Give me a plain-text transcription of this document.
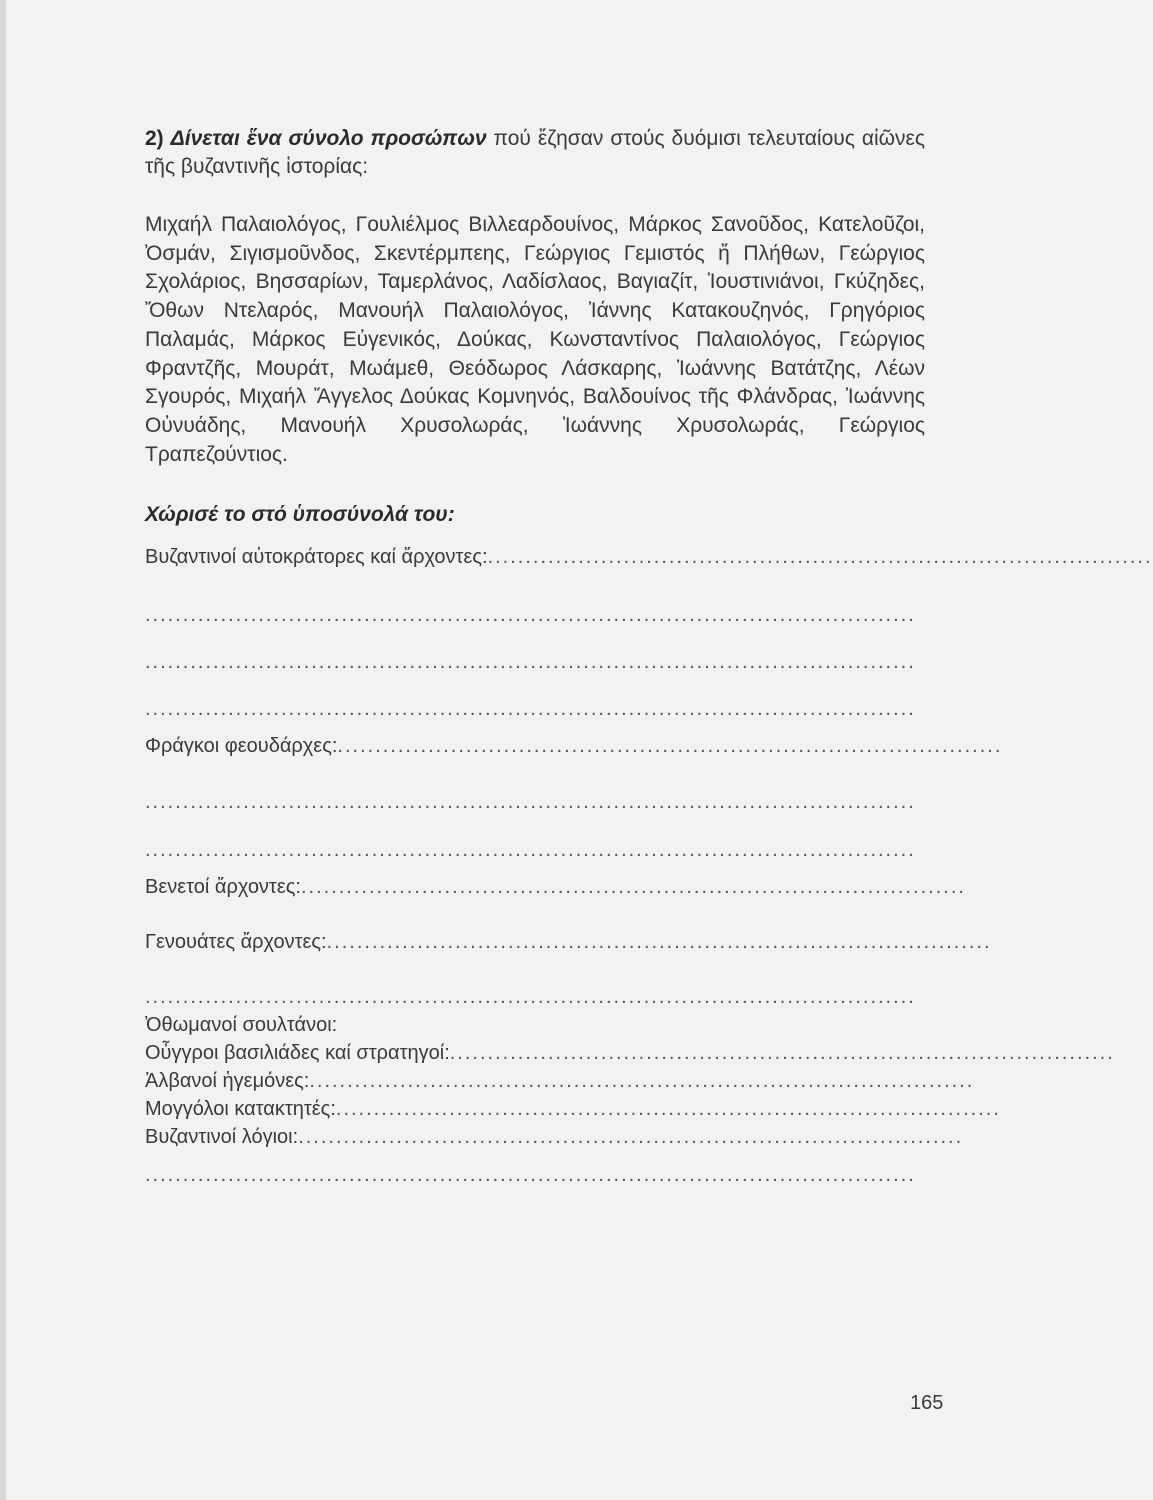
2) Δίνεται ἕνα σύνολο προσώπων πού ἔζησαν στούς δυόμισι τελευταίους αἰῶνες τῆς βυζαντινῆς ἱστορίας:

Μιχαήλ Παλαιολόγος, Γουλιέλμος Βιλλεαρδουίνος, Μάρκος Σανοῦδος, Κατελοῦζοι, Ὀσμάν, Σιγισμοῦνδος, Σκεντέρμπεης, Γεώργιος Γεμιστός ἤ Πλήθων, Γεώργιος Σχολάριος, Βησσαρίων, Ταμερλάνος, Λαδίσλαος, Βαγιαζίτ, Ἰουστινιάνοι, Γκύζηδες, Ὄθων Ντελαρός, Μανουήλ Παλαιολόγος, Ἰάννης Κατακουζηνός, Γρηγόριος Παλαμάς, Μάρκος Εὐγενικός, Δούκας, Κωνσταντίνος Παλαιολόγος, Γεώργιος Φραντζῆς, Μουράτ, Μωάμεθ, Θεόδωρος Λάσκαρης, Ἰωάννης Βατάτζης, Λέων Σγουρός, Μιχαήλ Ἄγγελος Δούκας Κομνηνός, Βαλδουίνος τῆς Φλάνδρας, Ἰωάννης Οὐνυάδης, Μανουήλ Χρυσολωράς, Ἰωάννης Χρυσολωράς, Γεώργιος Τραπεζούντιος.

Χώρισέ το στό ὑποσύνολά του:

Βυζαντινοί αὐτοκράτορες καί ἄρχοντες: ........................................................................................
......................................................................................................
......................................................................................................
......................................................................................................
Φράγκοι φεουδάρχες: ........................................................................................
......................................................................................................
......................................................................................................
Βενετοί ἄρχοντες: ........................................................................................
Γενουάτες ἄρχοντες: ........................................................................................
......................................................................................................
Ὀθωμανοί σουλτάνοι:
Οὖγγροι βασιλιάδες καί στρατηγοί: ........................................................................................
Ἀλβανοί ἡγεμόνες: ........................................................................................
Μογγόλοι κατακτητές: ........................................................................................
Βυζαντινοί λόγιοι: ........................................................................................
......................................................................................................
165
